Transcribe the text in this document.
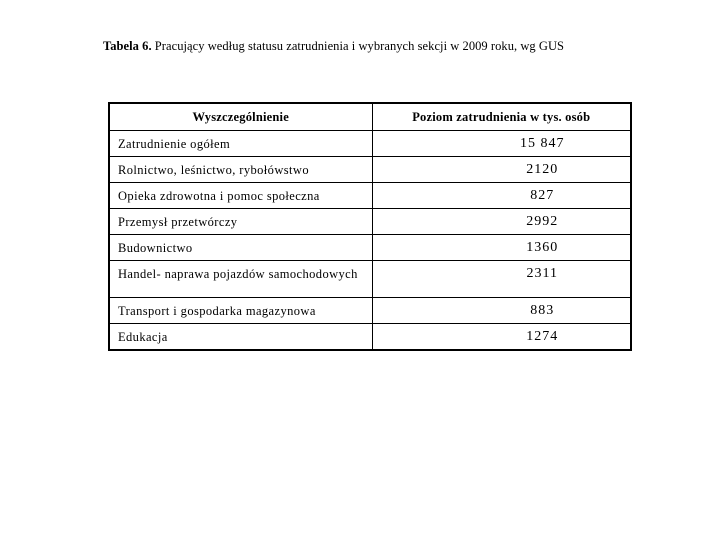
Tabela 6. Pracujący według statusu zatrudnienia i wybranych sekcji w 2009 roku, wg GUS
Wyszczególnienie	Poziom zatrudnienia w tys. osób
Zatrudnienie ogółem	15 847
Rolnictwo, leśnictwo, rybołówstwo	2120
Opieka zdrowotna i pomoc społeczna	827
Przemysł przetwórczy	2992
Budownictwo	1360
Handel- naprawa pojazdów samochodowych	2311
Transport i gospodarka magazynowa	883
Edukacja	1274
